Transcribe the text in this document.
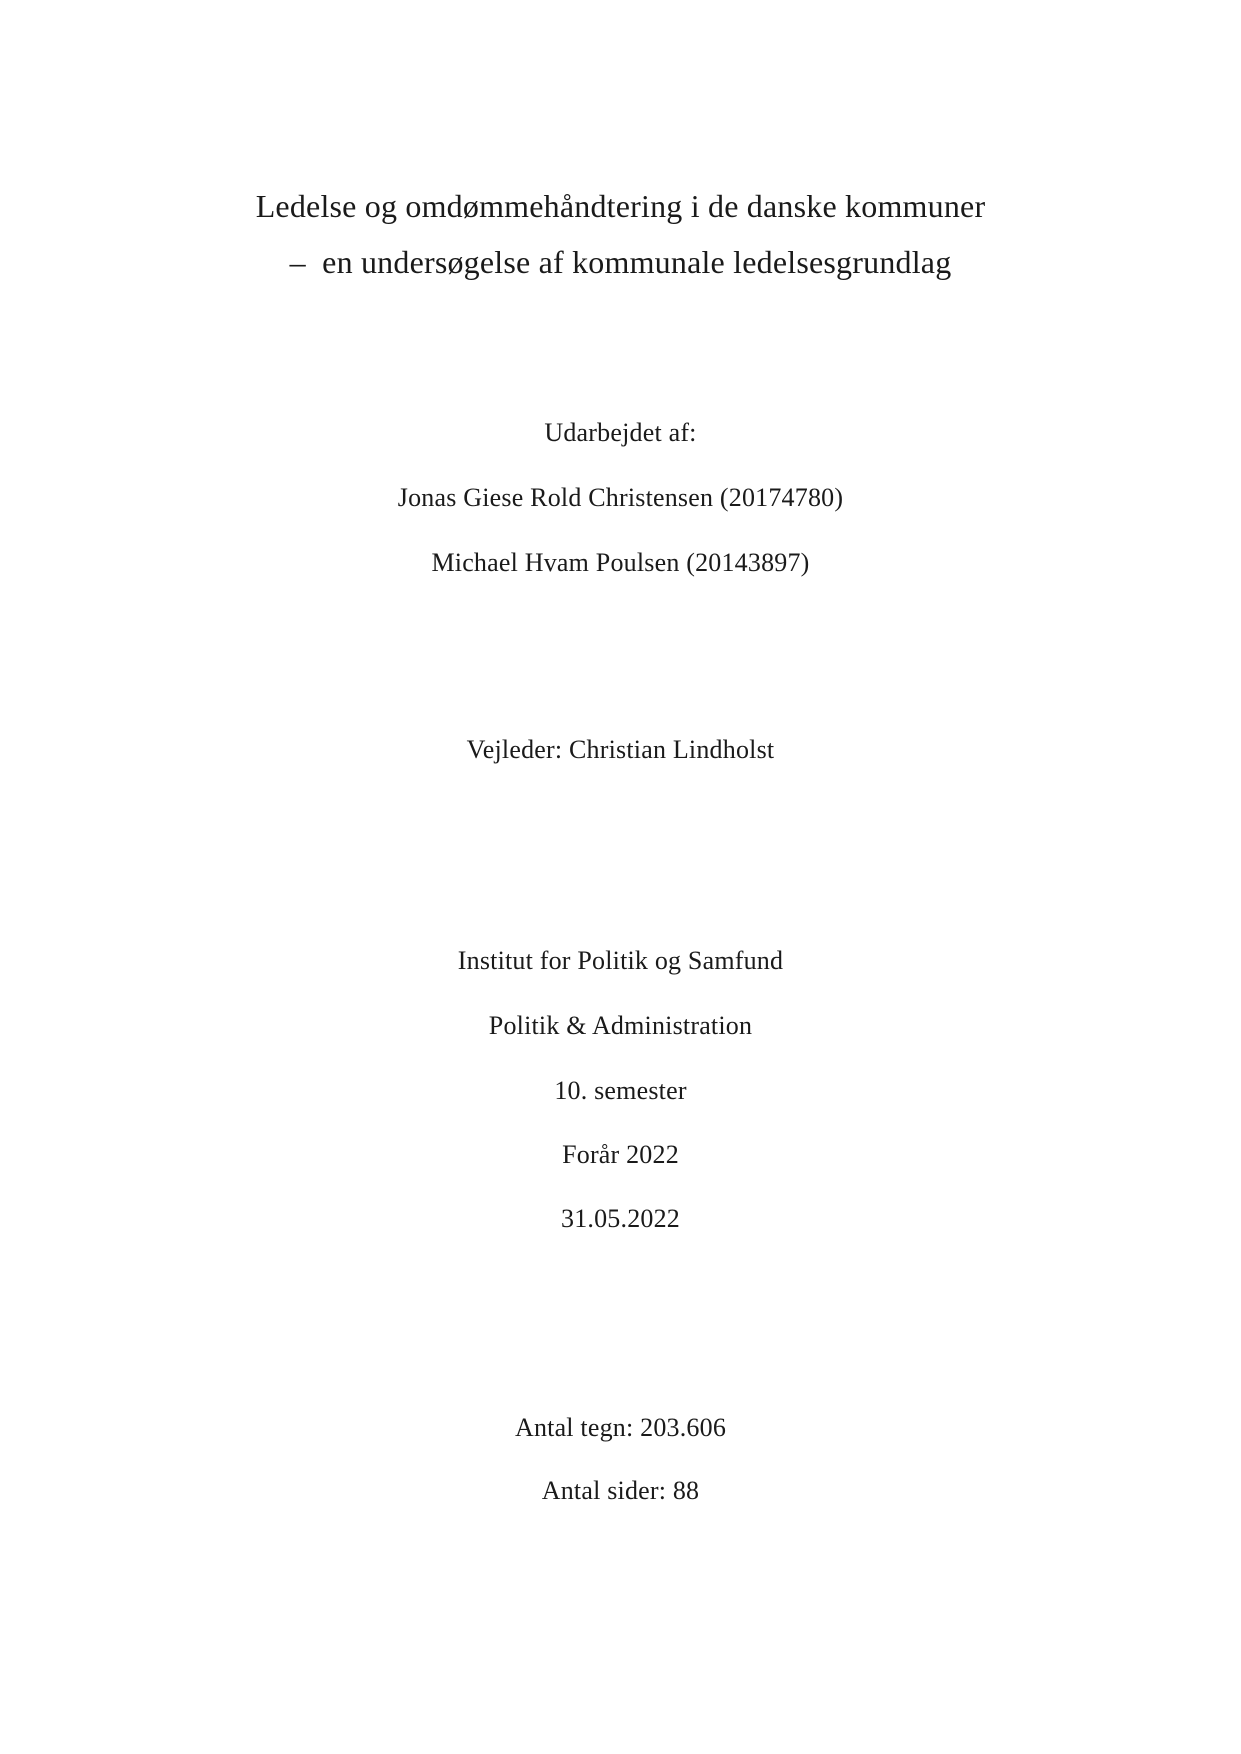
Ledelse og omdømmehåndtering i de danske kommuner
–  en undersøgelse af kommunale ledelsesgrundlag
Udarbejdet af:
Jonas Giese Rold Christensen (20174780)
Michael Hvam Poulsen (20143897)
Vejleder: Christian Lindholst
Institut for Politik og Samfund
Politik & Administration
10. semester
Forår 2022
31.05.2022
Antal tegn: 203.606
Antal sider: 88
